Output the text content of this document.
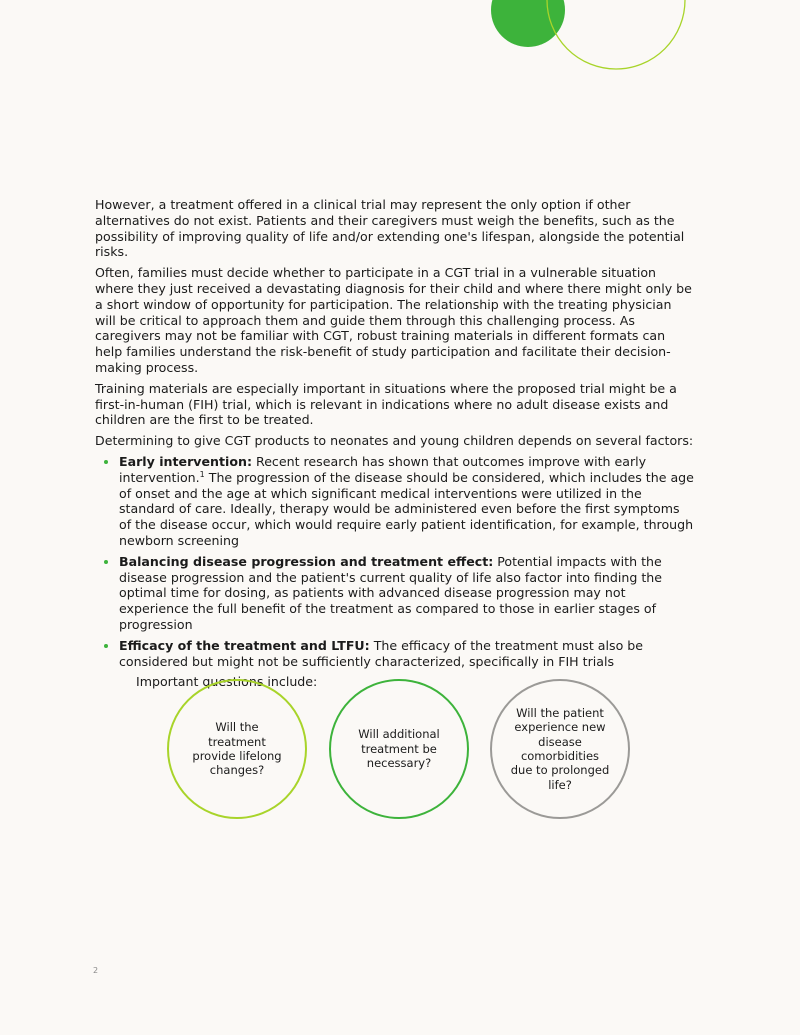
However, a treatment offered in a clinical trial may represent the only option if other alternatives do not exist. Patients and their caregivers must weigh the benefits, such as the possibility of improving quality of life and/or extending one's lifespan, alongside the potential risks.

Often, families must decide whether to participate in a CGT trial in a vulnerable situation where they just received a devastating diagnosis for their child and where there might only be a short window of opportunity for participation. The relationship with the treating physician will be critical to approach them and guide them through this challenging process. As caregivers may not be familiar with CGT, robust training materials in different formats can help families understand the risk-benefit of study participation and facilitate their decision-making process.

Training materials are especially important in situations where the proposed trial might be a first-in-human (FIH) trial, which is relevant in indications where no adult disease exists and children are the first to be treated.

Determining to give CGT products to neonates and young children depends on several factors:

Early intervention: Recent research has shown that outcomes improve with early intervention.$^1$ The progression of the disease should be considered, which includes the age of onset and the age at which significant medical interventions were utilized in the standard of care. Ideally, therapy would be administered even before the first symptoms of the disease occur, which would require early patient identification, for example, through newborn screening
Balancing disease progression and treatment effect: Potential impacts with the disease progression and the patient's current quality of life also factor into finding the optimal time for dosing, as patients with advanced disease progression may not experience the full benefit of the treatment as compared to those in earlier stages of progression
Efficacy of the treatment and LTFU: The efficacy of the treatment must also be considered but might not be sufficiently characterized, specifically in FIH trials

Important questions include:

Will the treatment provide lifelong changes?
Will additional treatment be necessary?
Will the patient experience new disease comorbidities due to prolonged life?
2
